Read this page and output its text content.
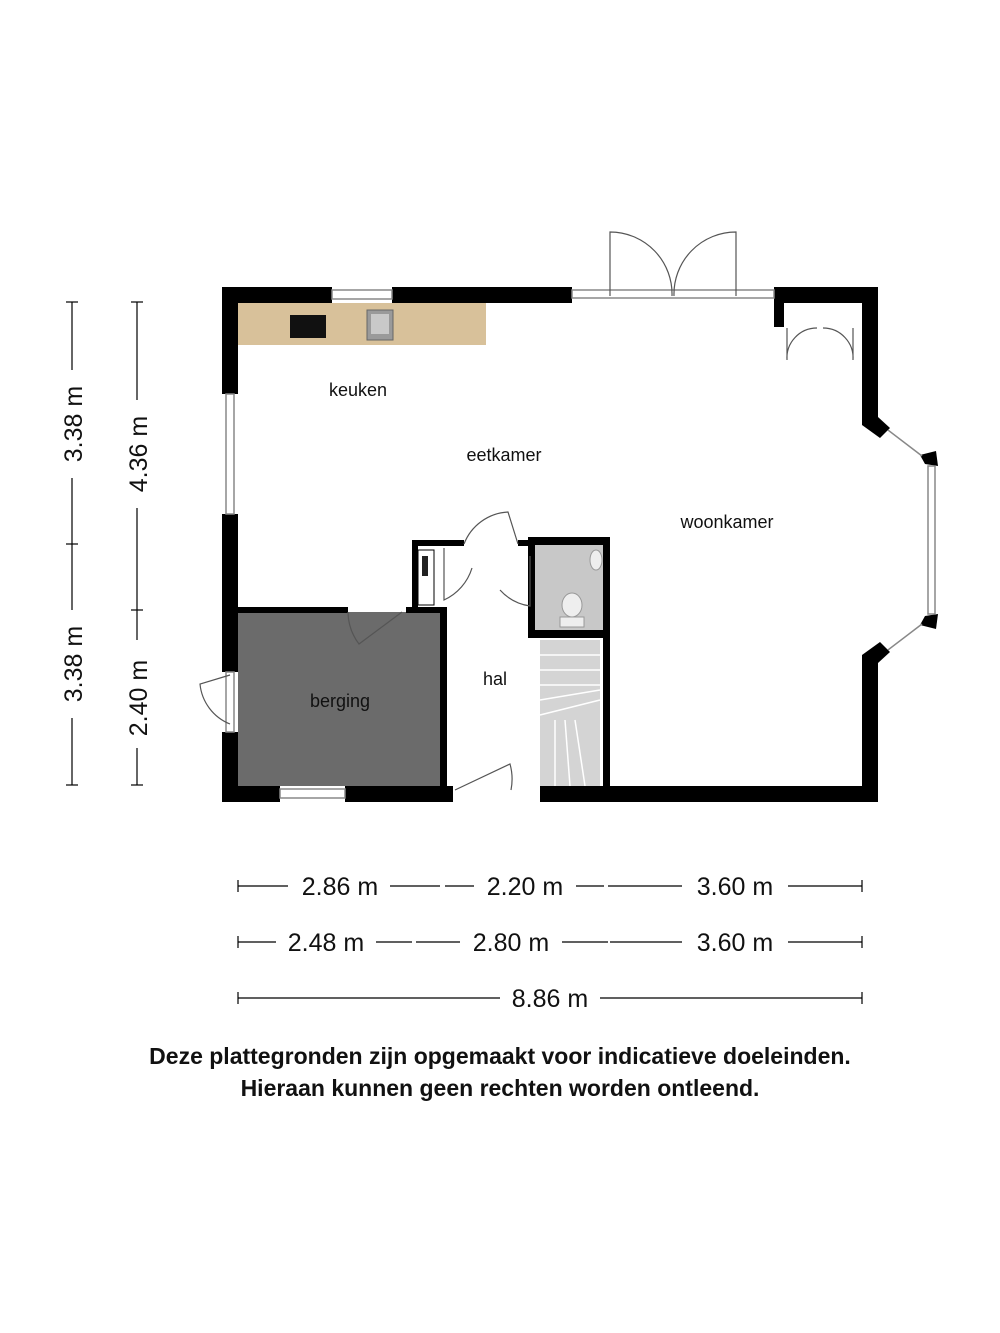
keuken
eetkamer
woonkamer
hal
berging
3.38 m
3.38 m
4.36 m
2.40 m
2.86 m	2.20 m	3.60 m
2.48 m	2.80 m	3.60 m
8.86 m
Deze plattegronden zijn opgemaakt voor indicatieve doeleinden.
Hieraan kunnen geen rechten worden ontleend.
